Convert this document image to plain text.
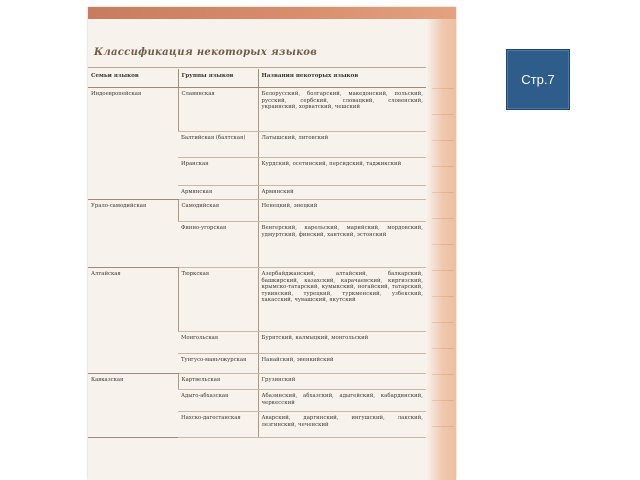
Классификация некоторых языков
Семьи языков	Группы языков	Названия некоторых языков
Индоевропейская	Славянская	Белорусский, болгарский, македонский, польский, русский, сербский, словацкий, словенский, украинский, хорватский, чешский
	Балтийская (балтская)	Латышский, литовский
	Иранская	Курдский, осетинский, персидский, таджикский
	Армянская	Армянский
Урало-самодийская	Самодийская	Ненецкий, энецкий
	Финно-угорская	Венгерский, карельский, марийский, мордовский, удмуртский, финский, хантский, эстонский
Алтайская	Тюркская	Азербайджанский, алтайский, балкарский, башкирский, казахский, карачаевский, киргизский, крымско-татарский, кумыкский, ногайский, татарский, тувинский, турецкий, туркменский, узбекский, хакасский, чувашский, якутский
	Монгольская	Бурятский, калмыцкий, монгольский
	Тунгусо-маньчжурская	Нанайский, эвенкийский
Кавказская	Картвельская	Грузинский
	Адыго-абхазская	Абазинский, абхазский, адыгейский, кабардинский, черкесский
	Нахско-дагестанская	Аварский, даргинский, ингушский, лакский, лезгинский, чеченский
Стр.7
